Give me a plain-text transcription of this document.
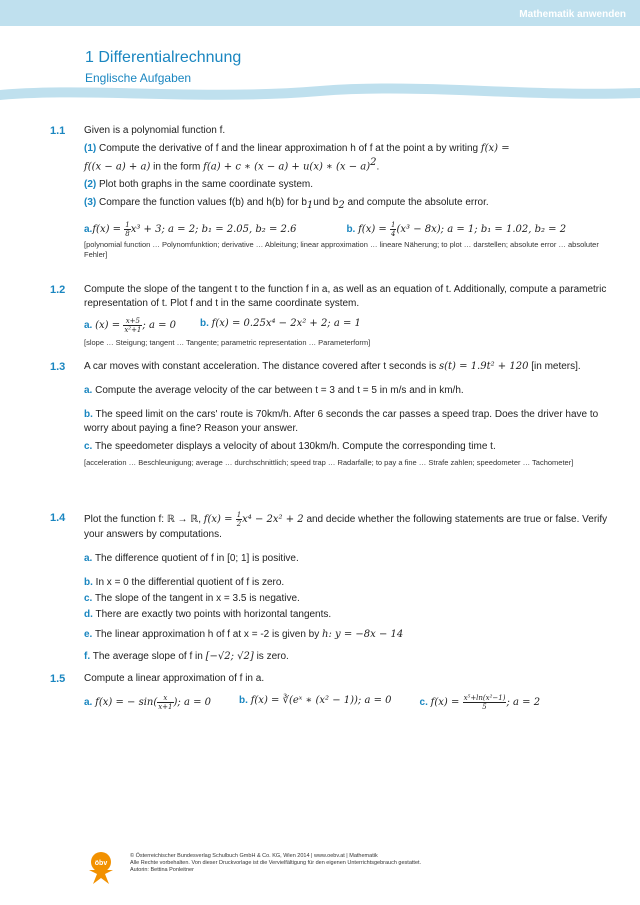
Mathematik anwenden
1 Differentialrechnung
Englische Aufgaben
1.1 Given is a polynomial function f.

(1) Compute the derivative of f and the linear approximation h of f at the point a by writing f(x) =
f((x − a) + a) in the form f(a) + c ∗ (x − a) + u(x) ∗ $(x - a)^2$.

(2) Plot both graphs in the same coordinate system.

(3) Compare the function values f(b) and h(b) for $b_1und$ $b_2$ and compute the absolute error.

$a.f(x) = \frac{1}{8} x^3 + 3$; a = 2; b₁ = 2.05, b₂ = 2.6	b. $f(x) = \frac{1}{4} (x^3 - 8x)$; a = 1; b₁ = 1.02, b₂ = 2

[polynomial function … Polynomfunktion; derivative … Ableitung; linear approximation … lineare Näherung; to plot … darstellen; absolute error … absoluter Fehler]

1.2 Compute the slope of the tangent t to the function f in a, as well as an equation of t. Additionally, compute a parametric representation of t. Plot f and t in the same coordinate system.

a. $(x) = \frac{x+5}{\text{x²+1}}$ ; a = 0 b. f(x) = 0.25x⁴ − 2x² + 2; a = 1

[slope … Steigung; tangent … Tangente; parametric representation … Parameterform]

1.3 A car moves with constant acceleration. The distance covered after t seconds is s(t) = 1.9t² + 120 [in meters].

a. Compute the average velocity of the car between t = 3 and t = 5 in m/s and in km/h.

b. The speed limit on the cars' route is 70km/h. After 6 seconds the car passes a speed trap. Does the driver have to worry about paying a fine? Reason your answer.

c. The speedometer displays a velocity of about 130km/h. Compute the corresponding time t.

[acceleration … Beschleunigung; average … durchschnittlich; speed trap … Radarfalle; to pay a fine … Strafe zahlen; speedometer … Tachometer]

1.4 Plot the function f: ℝ → ℝ, $f(x) = \frac{1}{2} x^4 - 2x^2 + 2$ and decide whether the following statements are true or false. Verify your answers by computations.

a. The difference quotient of f in [0; 1] is positive.

b. In x = 0 the differential quotient of f is zero.

c. The slope of the tangent in x = 3.5 is negative.

d. There are exactly two points with horizontal tangents.

e. The linear approximation h of f at x = -2 is given by h: y = −8x − 14

f. The average slope of f in [−√2; √2] is zero.

1.5 Compute a linear approximation of f in a.

a. f(x) = − $\sin( \frac{x}{x+1}$ ); a = 0	b. f(x) = ∛(eˣ ∗ (x² − 1)); a = 0	c. $f(x) = \frac{\text{x⁵+ln(x²−1)}}{5}$ ; a = 2
öbv
© Österreichischer Bundesverlag Schulbuch GmbH & Co. KG, Wien 2014 | www.oebv.at | Mathematik
Alle Rechte vorbehalten. Von dieser Druckvorlage ist die Vervielfältigung für den eigenen Unterrichtsgebrauch gestattet.
Autorin: Bettina Ponleitner
